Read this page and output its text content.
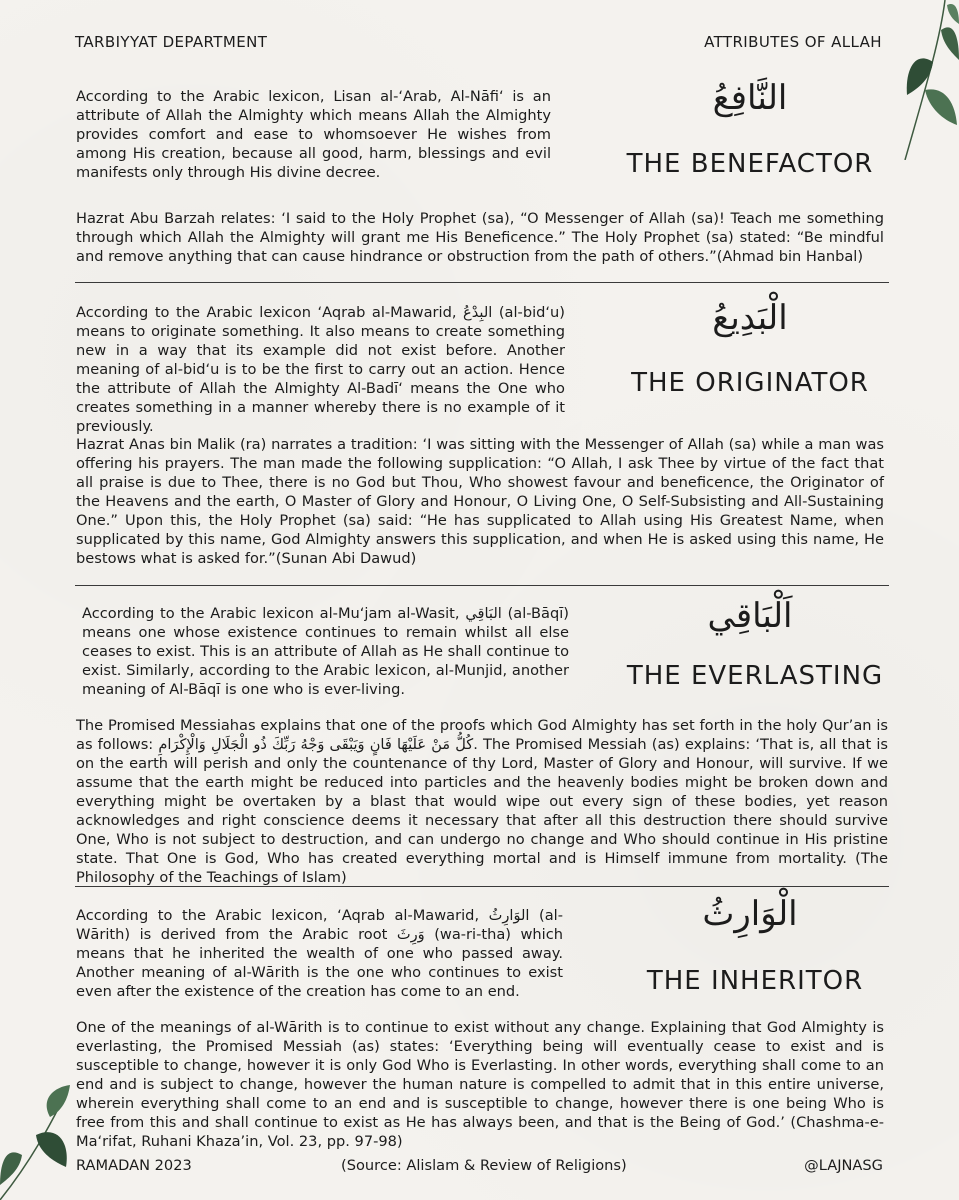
TARBIYYAT DEPARTMENT	ATTRIBUTES OF ALLAH

According to the Arabic lexicon, Lisan al-‘Arab, Al-Nāfi‘ is an attribute of Allah the Almighty which means Allah the Almighty provides comfort and ease to whomsoever He wishes from among His creation, because all good, harm, blessings and evil manifests only through His divine decree.

النَّافِعُ
THE BENEFACTOR

Hazrat Abu Barzah relates: ‘I said to the Holy Prophet (sa), “O Messenger of Allah (sa)! Teach me something through which Allah the Almighty will grant me His Beneficence.” The Holy Prophet (sa) stated: “Be mindful and remove anything that can cause hindrance or obstruction from the path of others.”(Ahmad bin Hanbal)

According to the Arabic lexicon ‘Aqrab al-Mawarid, البِدْعُ (al-bid‘u) means to originate something. It also means to create something new in a way that its example did not exist before. Another meaning of al-bid‘u is to be the first to carry out an action. Hence the attribute of Allah the Almighty Al-Badī‘ means the One who creates something in a manner whereby there is no example of it previously.

الْبَدِيعُ
THE ORIGINATOR

Hazrat Anas bin Malik (ra) narrates a tradition: ‘I was sitting with the Messenger of Allah (sa) while a man was offering his prayers. The man made the following supplication: “O Allah, I ask Thee by virtue of the fact that all praise is due to Thee, there is no God but Thou, Who showest favour and beneficence, the Originator of the Heavens and the earth, O Master of Glory and Honour, O Living One, O Self-Subsisting and All-Sustaining One.” Upon this, the Holy Prophet (sa) said: “He has supplicated to Allah using His Greatest Name, when supplicated by this name, God Almighty answers this supplication, and when He is asked using this name, He bestows what is asked for.”(Sunan Abi Dawud)

According to the Arabic lexicon al-Mu‘jam al-Wasit, البَاقِي (al-Bāqī) means one whose existence continues to remain whilst all else ceases to exist. This is an attribute of Allah as He shall continue to exist. Similarly, according to the Arabic lexicon, al-Munjid, another meaning of Al-Bāqī is one who is ever-living.

اَلْبَاقِي
THE EVERLASTING

The Promised Messiahas explains that one of the proofs which God Almighty has set forth in the holy Qur’an is as follows: كُلُّ مَنْ عَلَيْهَا فَانٍ وَيَبْقَى وَجْهُ رَبِّكَ ذُو الْجَلَالِ وَالْإِكْرَامِ. The Promised Messiah (as) explains: ‘That is, all that is on the earth will perish and only the countenance of thy Lord, Master of Glory and Honour, will survive. If we assume that the earth might be reduced into particles and the heavenly bodies might be broken down and everything might be overtaken by a blast that would wipe out every sign of these bodies, yet reason acknowledges and right conscience deems it necessary that after all this destruction there should survive One, Who is not subject to destruction, and can undergo no change and Who should continue in His pristine state. That One is God, Who has created everything mortal and is Himself immune from mortality. (The Philosophy of the Teachings of Islam)

According to the Arabic lexicon, ‘Aqrab al-Mawarid, الوَارِثُ (al-Wārith) is derived from the Arabic root وَرِثَ (wa-ri-tha) which means that he inherited the wealth of one who passed away. Another meaning of al-Wārith is the one who continues to exist even after the existence of the creation has come to an end.

الْوَارِثُ
THE INHERITOR

One of the meanings of al-Wārith is to continue to exist without any change. Explaining that God Almighty is everlasting, the Promised Messiah (as) states: ‘Everything being will eventually cease to exist and is susceptible to change, however it is only God Who is Everlasting. In other words, everything shall come to an end and is subject to change, however the human nature is compelled to admit that in this entire universe, wherein everything shall come to an end and is susceptible to change, however there is one being Who is free from this and shall continue to exist as He has always been, and that is the Being of God.’ (Chashma-e-Ma‘rifat, Ruhani Khaza’in, Vol. 23, pp. 97-98)

RAMADAN 2023	(Source: Alislam & Review of Religions)	@LAJNASG
